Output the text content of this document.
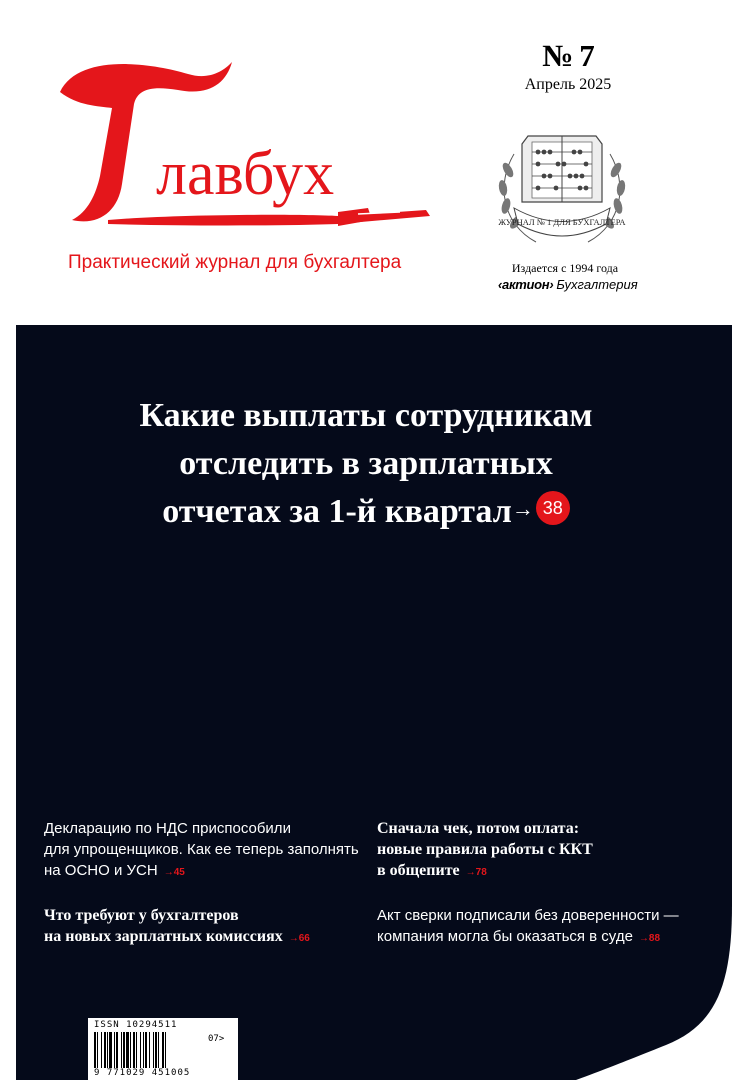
лавбух
Практический журнал для бухгалтера
№ 7
Апрель 2025
ЖУРНАЛ № 1 ДЛЯ БУХГАЛТЕРА
Издается с 1994 года
‹актион› Бухгалтерия
Какие выплаты сотрудникам
отследить в зарплатных
отчетах за 1-й квартал→ 38
Декларацию по НДС приспособили
для упрощенщиков. Как ее теперь заполнять
на ОСНО и УСН →45
Сначала чек, потом оплата:
новые правила работы с ККТ
в общепите →78
Что требуют у бухгалтеров
на новых зарплатных комиссиях →66
Акт сверки подписали без доверенности —
компания могла бы оказаться в суде →88
ISSN 10294511
07>
9 771029 451005
